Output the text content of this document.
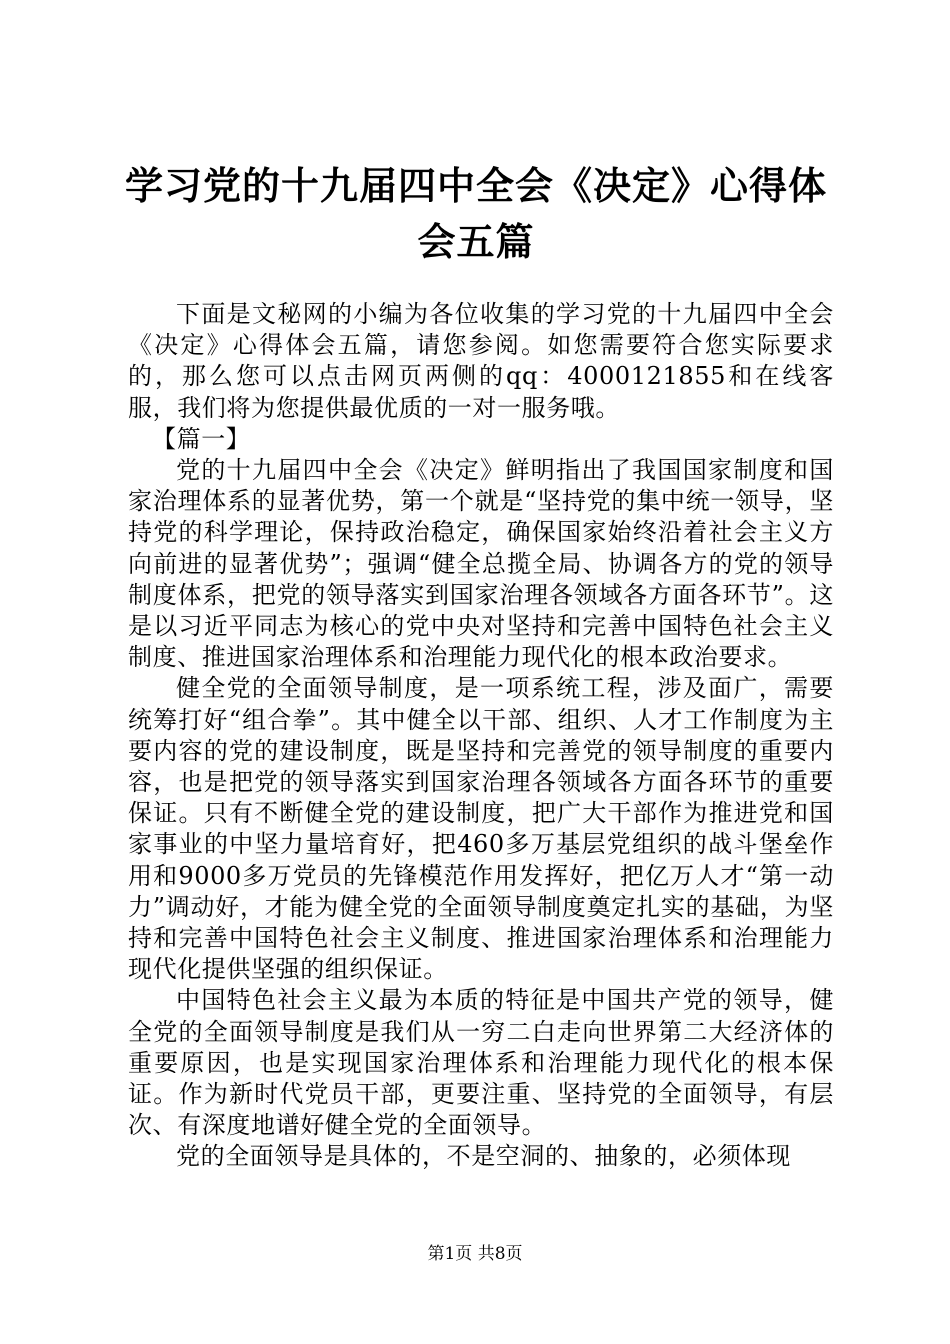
学习党的十九届四中全会《决定》心得体会五篇

下面是文秘网的小编为各位收集的学习党的十九届四中全会《决定》心得体会五篇，请您参阅。如您需要符合您实际要求的，那么您可以点击网页两侧的qq：4000121855和在线客服，我们将为您提供最优质的一对一服务哦。

【篇一】

党的十九届四中全会《决定》鲜明指出了我国国家制度和国家治理体系的显著优势，第一个就是“坚持党的集中统一领导，坚持党的科学理论，保持政治稳定，确保国家始终沿着社会主义方向前进的显著优势”；强调“健全总揽全局、协调各方的党的领导制度体系，把党的领导落实到国家治理各领域各方面各环节”。这是以习近平同志为核心的党中央对坚持和完善中国特色社会主义制度、推进国家治理体系和治理能力现代化的根本政治要求。

健全党的全面领导制度，是一项系统工程，涉及面广，需要统筹打好“组合拳”。其中健全以干部、组织、人才工作制度为主要内容的党的建设制度，既是坚持和完善党的领导制度的重要内容，也是把党的领导落实到国家治理各领域各方面各环节的重要保证。只有不断健全党的建设制度，把广大干部作为推进党和国家事业的中坚力量培育好，把460多万基层党组织的战斗堡垒作用和9000多万党员的先锋模范作用发挥好，把亿万人才“第一动力”调动好，才能为健全党的全面领导制度奠定扎实的基础，为坚持和完善中国特色社会主义制度、推进国家治理体系和治理能力现代化提供坚强的组织保证。

中国特色社会主义最为本质的特征是中国共产党的领导，健全党的全面领导制度是我们从一穷二白走向世界第二大经济体的重要原因，也是实现国家治理体系和治理能力现代化的根本保证。作为新时代党员干部，更要注重、坚持党的全面领导，有层次、有深度地谱好健全党的全面领导。

党的全面领导是具体的，不是空洞的、抽象的，必须体现

第1页 共8页
